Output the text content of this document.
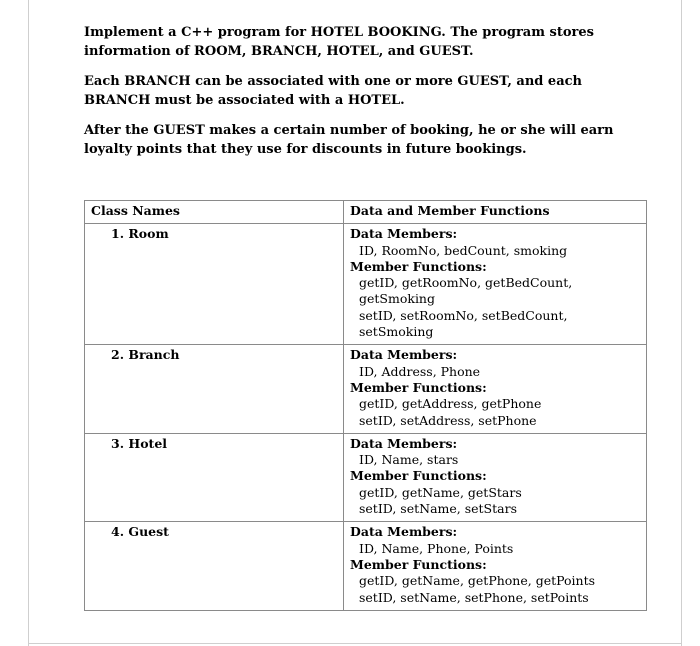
Implement a C++ program for HOTEL BOOKING. The program stores information of ROOM, BRANCH, HOTEL, and GUEST.

Each BRANCH can be associated with one or more GUEST, and each BRANCH must be associated with a HOTEL.

After the GUEST makes a certain number of booking, he or she will earn loyalty points that they use for discounts in future bookings.

Class Names	Data and Member Functions

1. Room	Data Members:
ID, RoomNo, bedCount, smoking
Member Functions:
getID, getRoomNo, getBedCount, getSmoking
setID, setRoomNo, setBedCount, setSmoking

2. Branch	Data Members:
ID, Address, Phone
Member Functions:
getID, getAddress, getPhone
setID, setAddress, setPhone

3. Hotel	Data Members:
ID, Name, stars
Member Functions:
getID, getName, getStars
setID, setName, setStars

4. Guest	Data Members:
ID, Name, Phone, Points
Member Functions:
getID, getName, getPhone, getPoints
setID, setName, setPhone, setPoints
